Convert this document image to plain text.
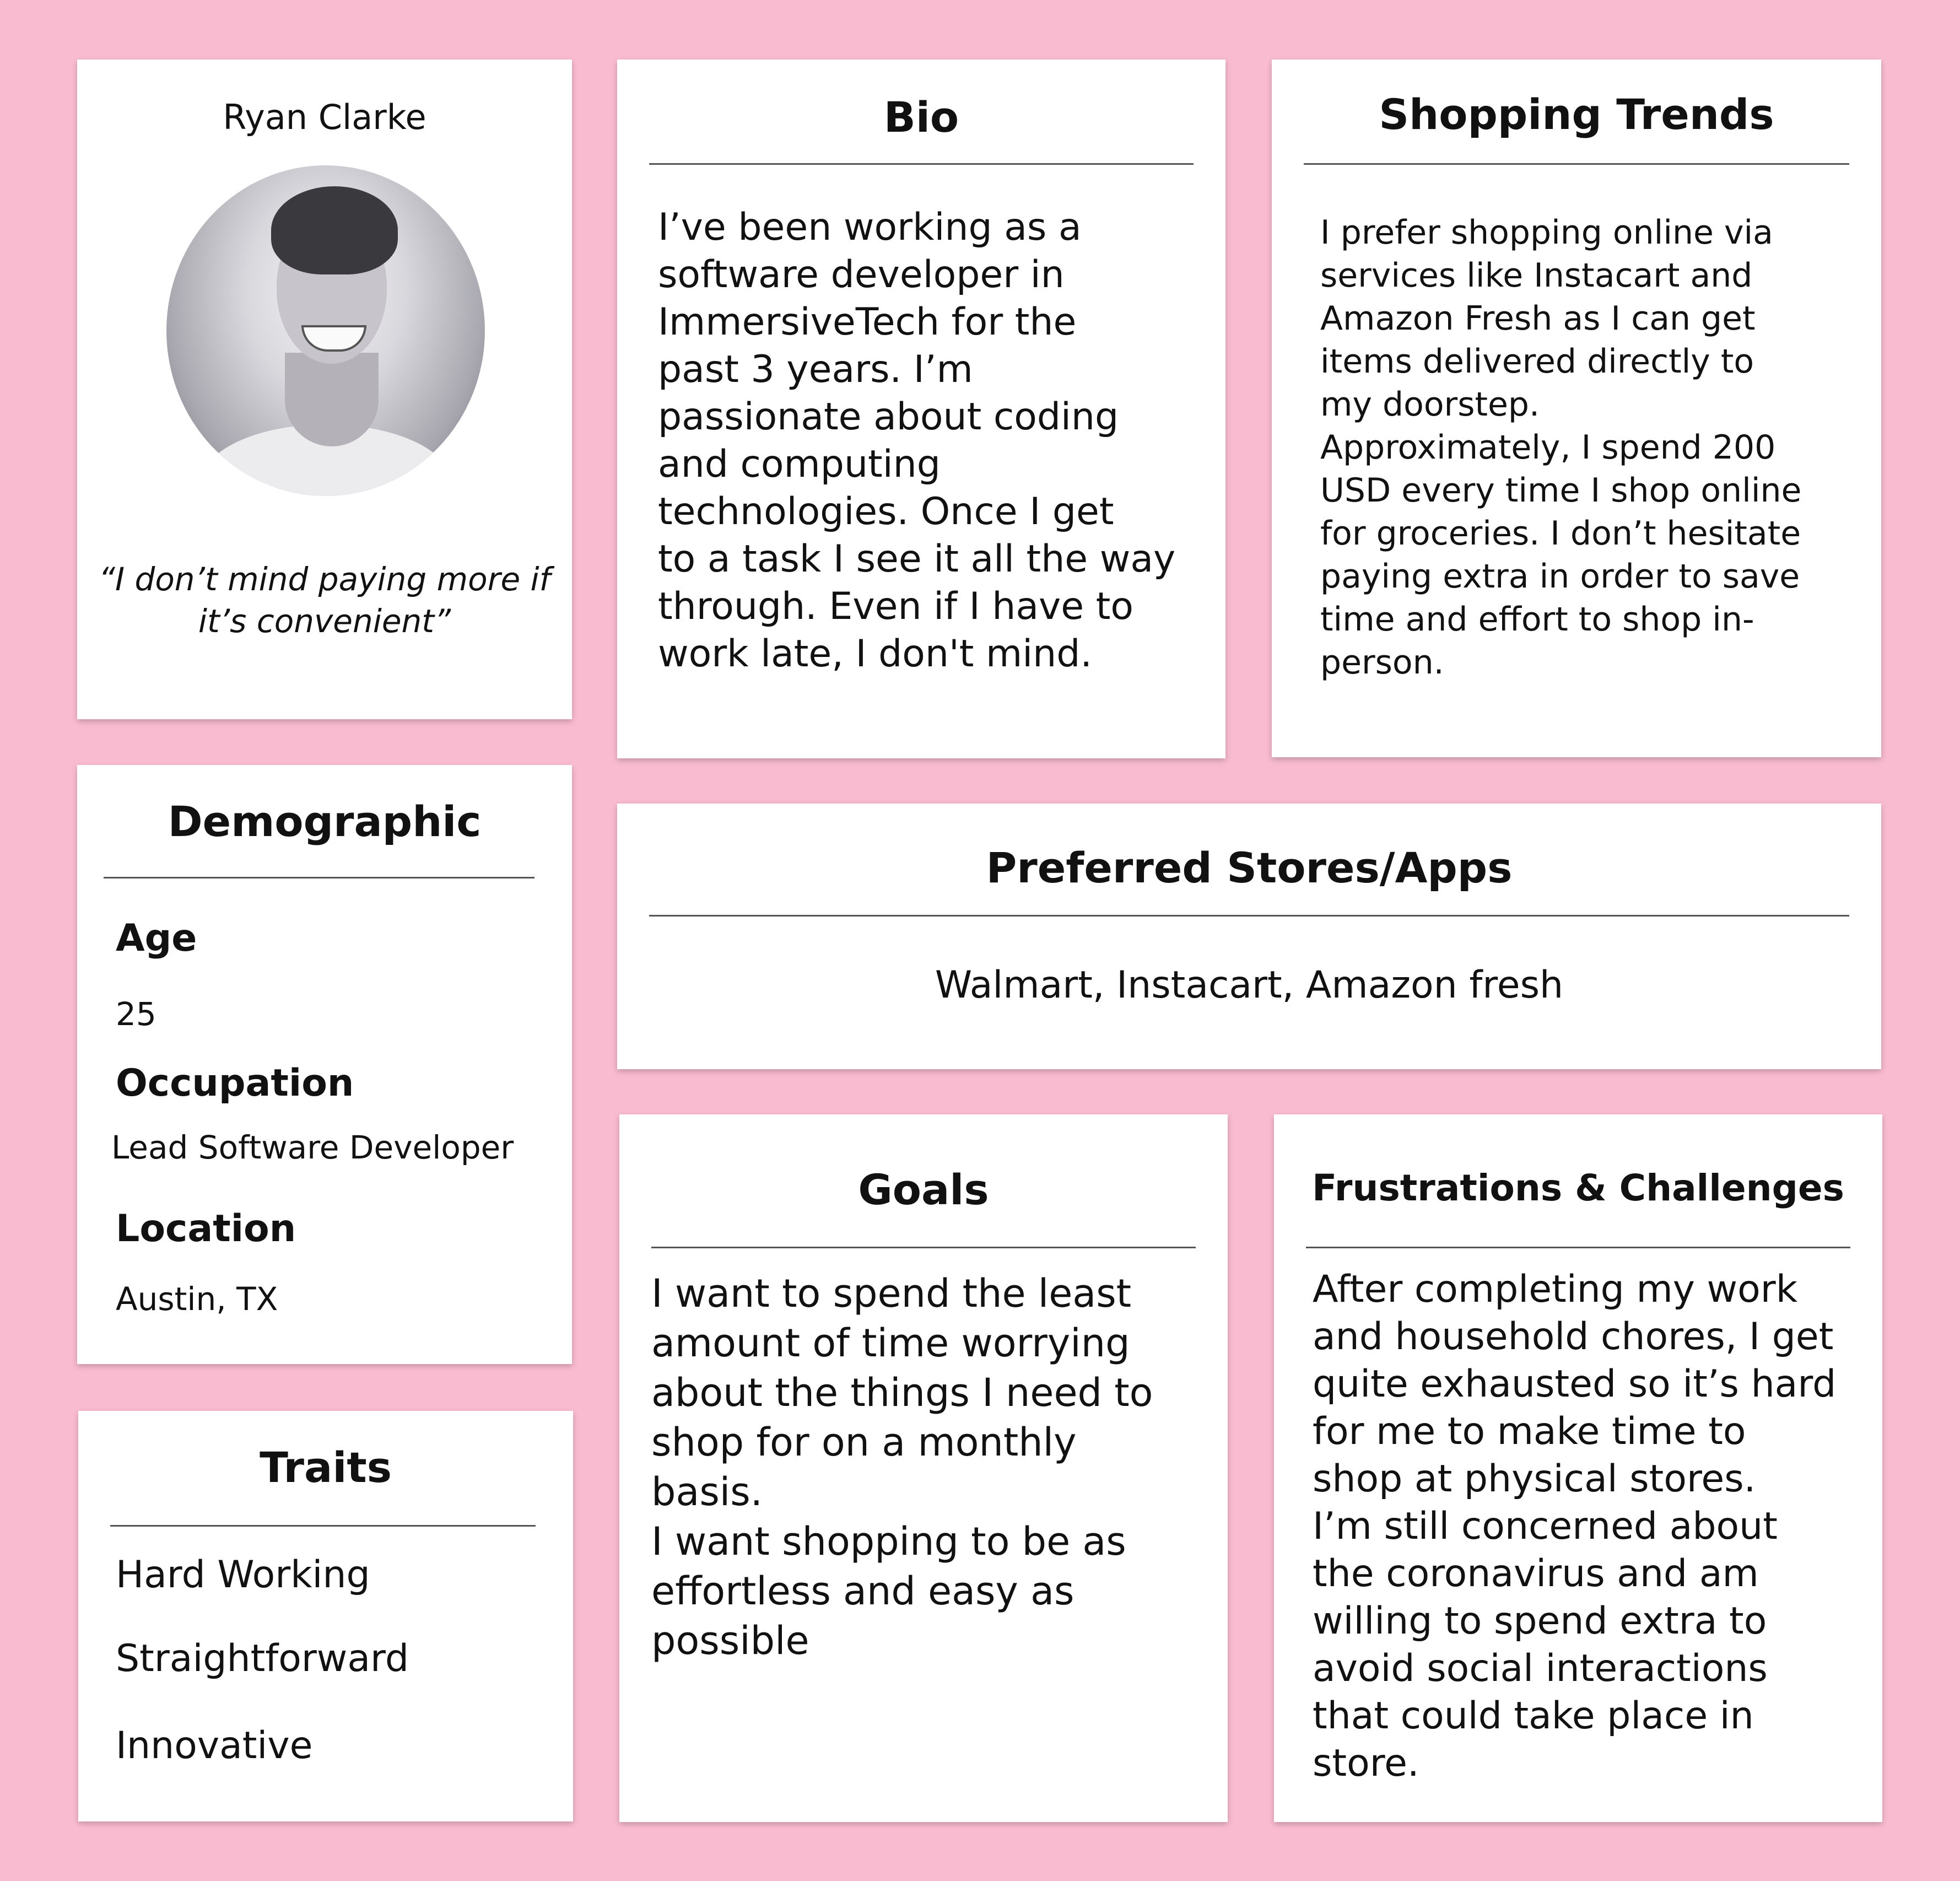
Ryan Clarke
“I don’t mind paying more if
it’s convenient”
Bio
I’ve been working as a
software developer in
ImmersiveTech for the
past 3 years. I’m
passionate about coding
and computing
technologies. Once I get
to a task I see it all the way
through. Even if I have to
work late, I don't mind.
Shopping Trends
I prefer shopping online via
services like Instacart and
Amazon Fresh as I can get
items delivered directly to
my doorstep.
Approximately, I spend 200
USD every time I shop online
for groceries. I don’t hesitate
paying extra in order to save
time and effort to shop in-
person.
Demographic
Age
25
Occupation
Lead Software Developer
Location
Austin, TX
Traits
Hard Working
Straightforward
Innovative
Preferred Stores/Apps
Walmart, Instacart, Amazon fresh
Goals
I want to spend the least
amount of time worrying
about the things I need to
shop for on a monthly
basis.
I want shopping to be as
effortless and easy as
possible
Frustrations & Challenges
After completing my work
and household chores, I get
quite exhausted so it’s hard
for me to make time to
shop at physical stores.
I’m still concerned about
the coronavirus and am
willing to spend extra to
avoid social interactions
that could take place in
store.
